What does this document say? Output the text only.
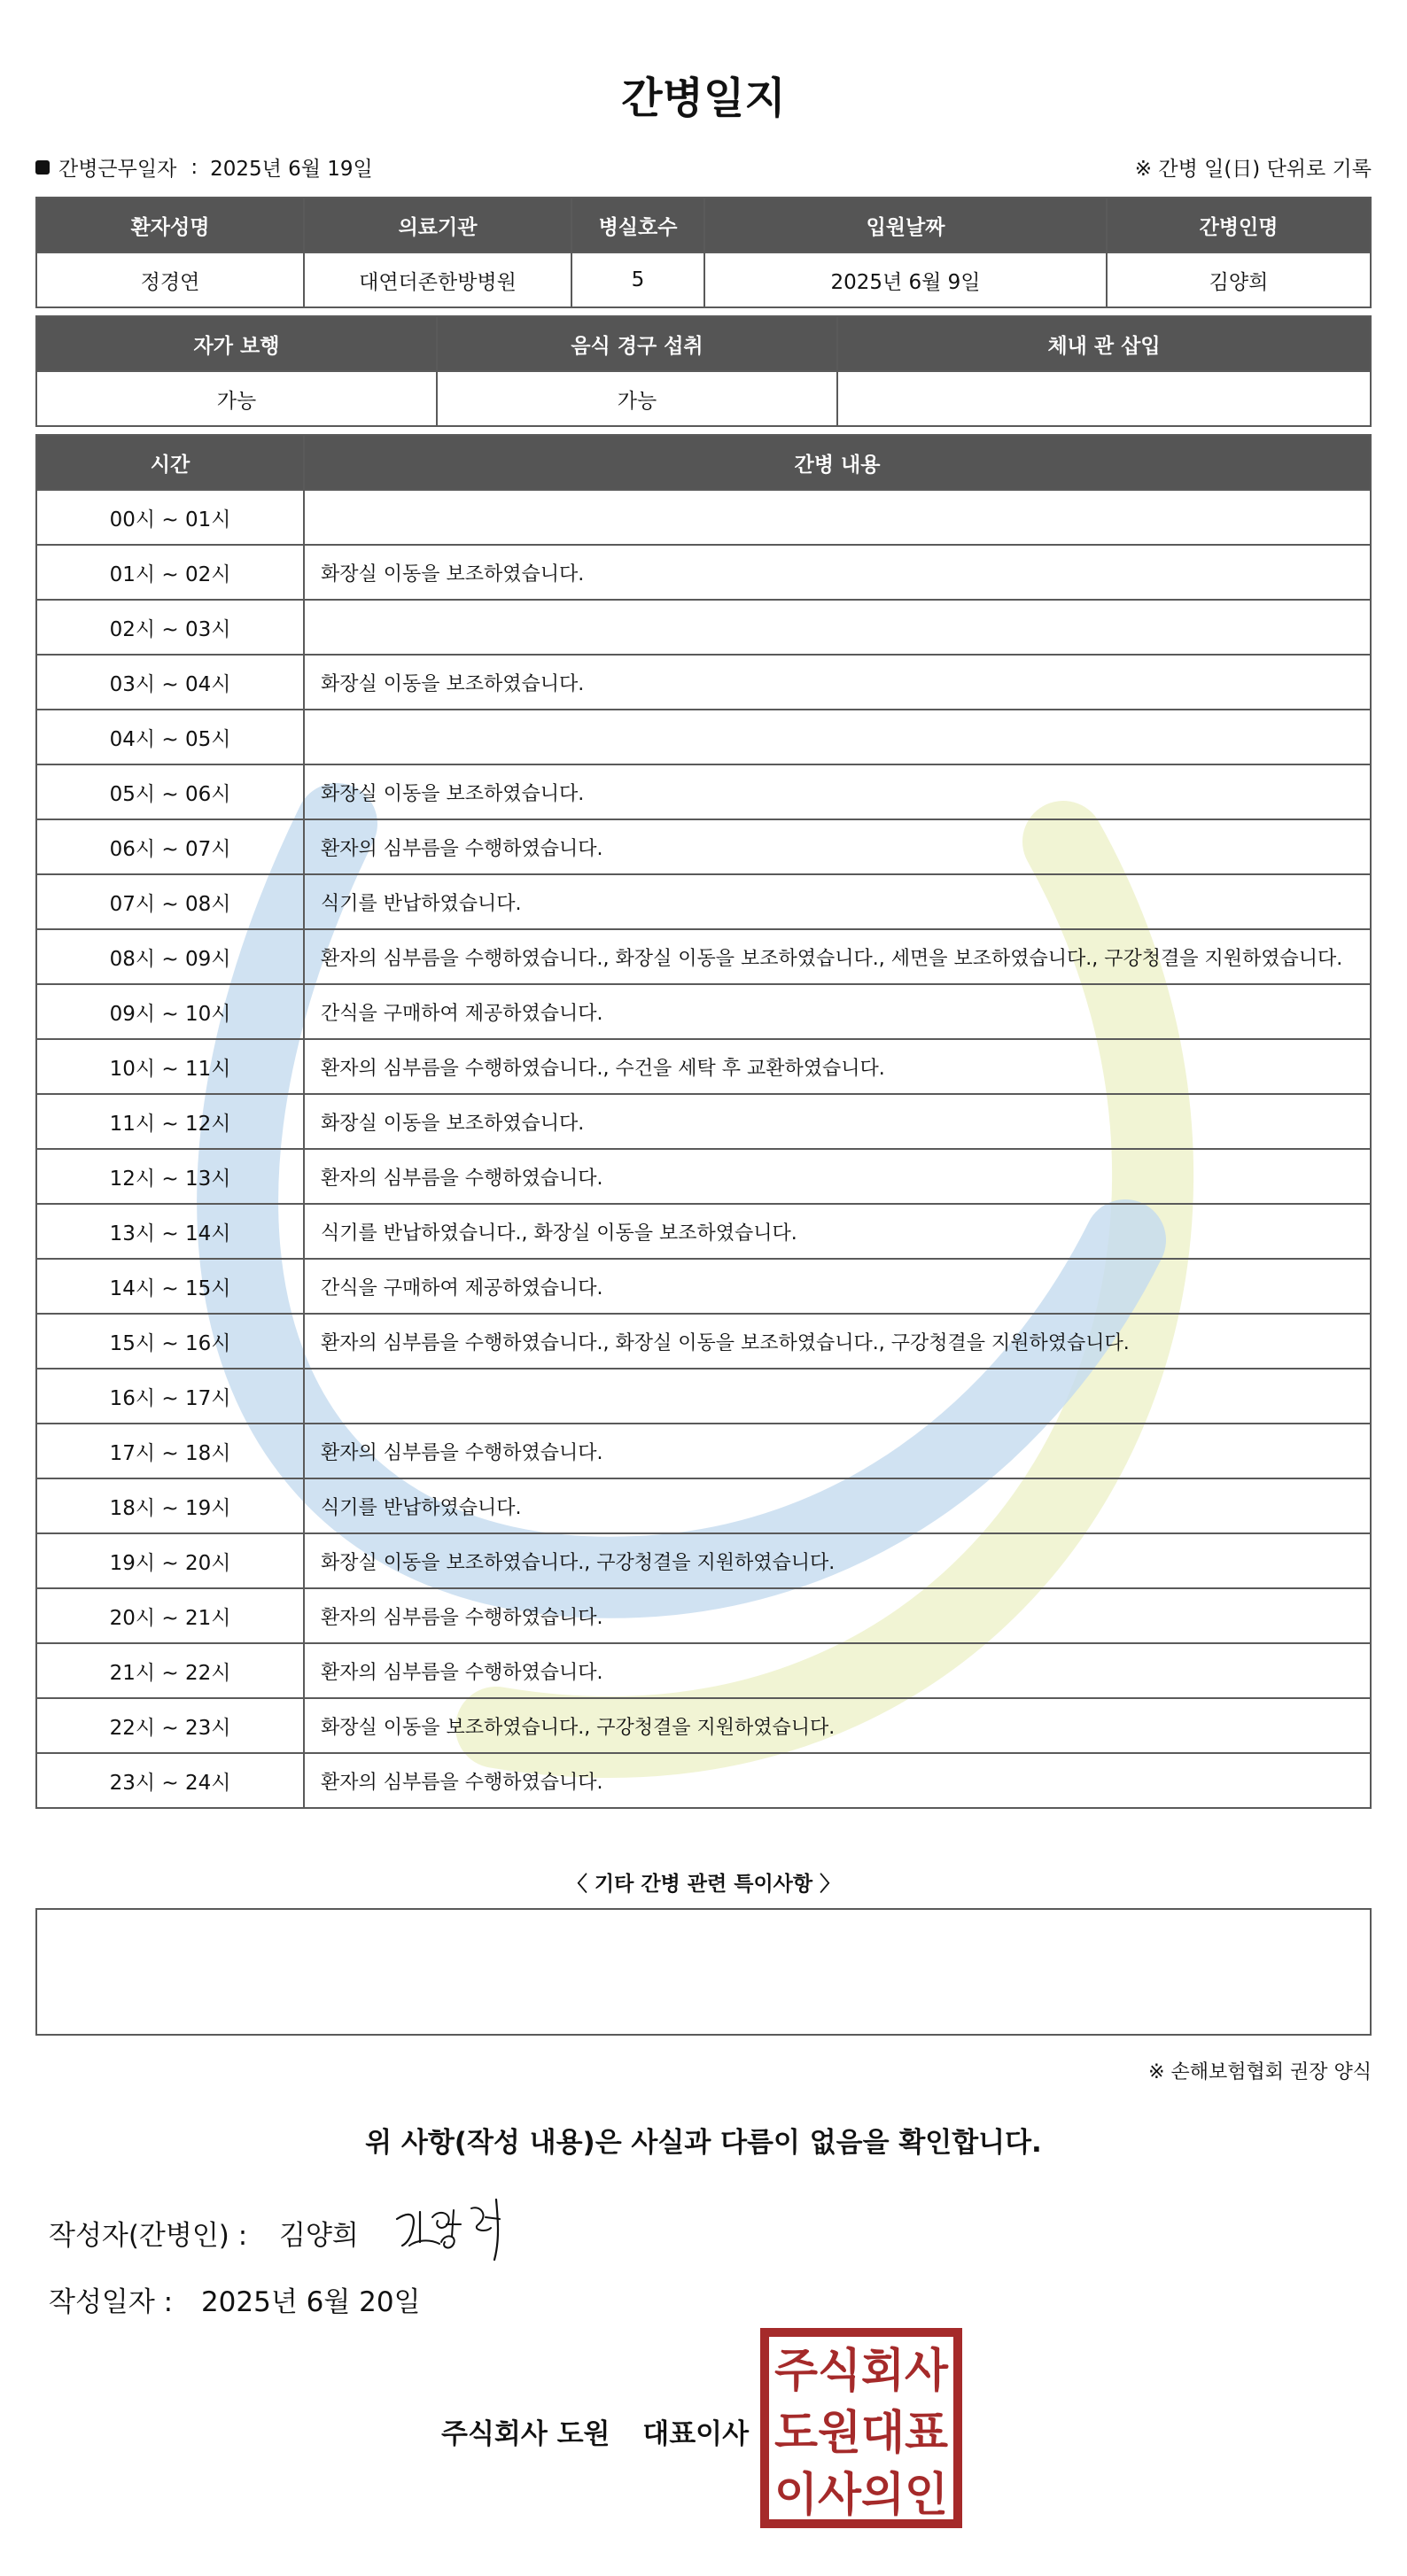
간병일지
간병근무일자 : 2025년 6월 19일	※ 간병 일(日) 단위로 기록
환자성명	의료기관	병실호수	입원날짜	간병인명
정경연	대연더존한방병원	5	2025년 6월 9일	김양희
자가 보행	음식 경구 섭취	체내 관 삽입
가능	가능	
시간	간병 내용
00시 ~ 01시	
01시 ~ 02시	화장실 이동을 보조하였습니다.
02시 ~ 03시	
03시 ~ 04시	화장실 이동을 보조하였습니다.
04시 ~ 05시	
05시 ~ 06시	화장실 이동을 보조하였습니다.
06시 ~ 07시	환자의 심부름을 수행하였습니다.
07시 ~ 08시	식기를 반납하였습니다.
08시 ~ 09시	환자의 심부름을 수행하였습니다., 화장실 이동을 보조하였습니다., 세면을 보조하였습니다., 구강청결을 지원하였습니다.
09시 ~ 10시	간식을 구매하여 제공하였습니다.
10시 ~ 11시	환자의 심부름을 수행하였습니다., 수건을 세탁 후 교환하였습니다.
11시 ~ 12시	화장실 이동을 보조하였습니다.
12시 ~ 13시	환자의 심부름을 수행하였습니다.
13시 ~ 14시	식기를 반납하였습니다., 화장실 이동을 보조하였습니다.
14시 ~ 15시	간식을 구매하여 제공하였습니다.
15시 ~ 16시	환자의 심부름을 수행하였습니다., 화장실 이동을 보조하였습니다., 구강청결을 지원하였습니다.
16시 ~ 17시	
17시 ~ 18시	환자의 심부름을 수행하였습니다.
18시 ~ 19시	식기를 반납하였습니다.
19시 ~ 20시	화장실 이동을 보조하였습니다., 구강청결을 지원하였습니다.
20시 ~ 21시	환자의 심부름을 수행하였습니다.
21시 ~ 22시	환자의 심부름을 수행하였습니다.
22시 ~ 23시	화장실 이동을 보조하였습니다., 구강청결을 지원하였습니다.
23시 ~ 24시	환자의 심부름을 수행하였습니다.
〈 기타 간병 관련 특이사항 〉
※ 손해보험협회 권장 양식
위 사항(작성 내용)은 사실과 다름이 없음을 확인합니다.
작성자(간병인) : 김양희
작성일자 : 2025년 6월 20일
주식회사 도원 대표이사
주식회사
도원대표
이사의인
